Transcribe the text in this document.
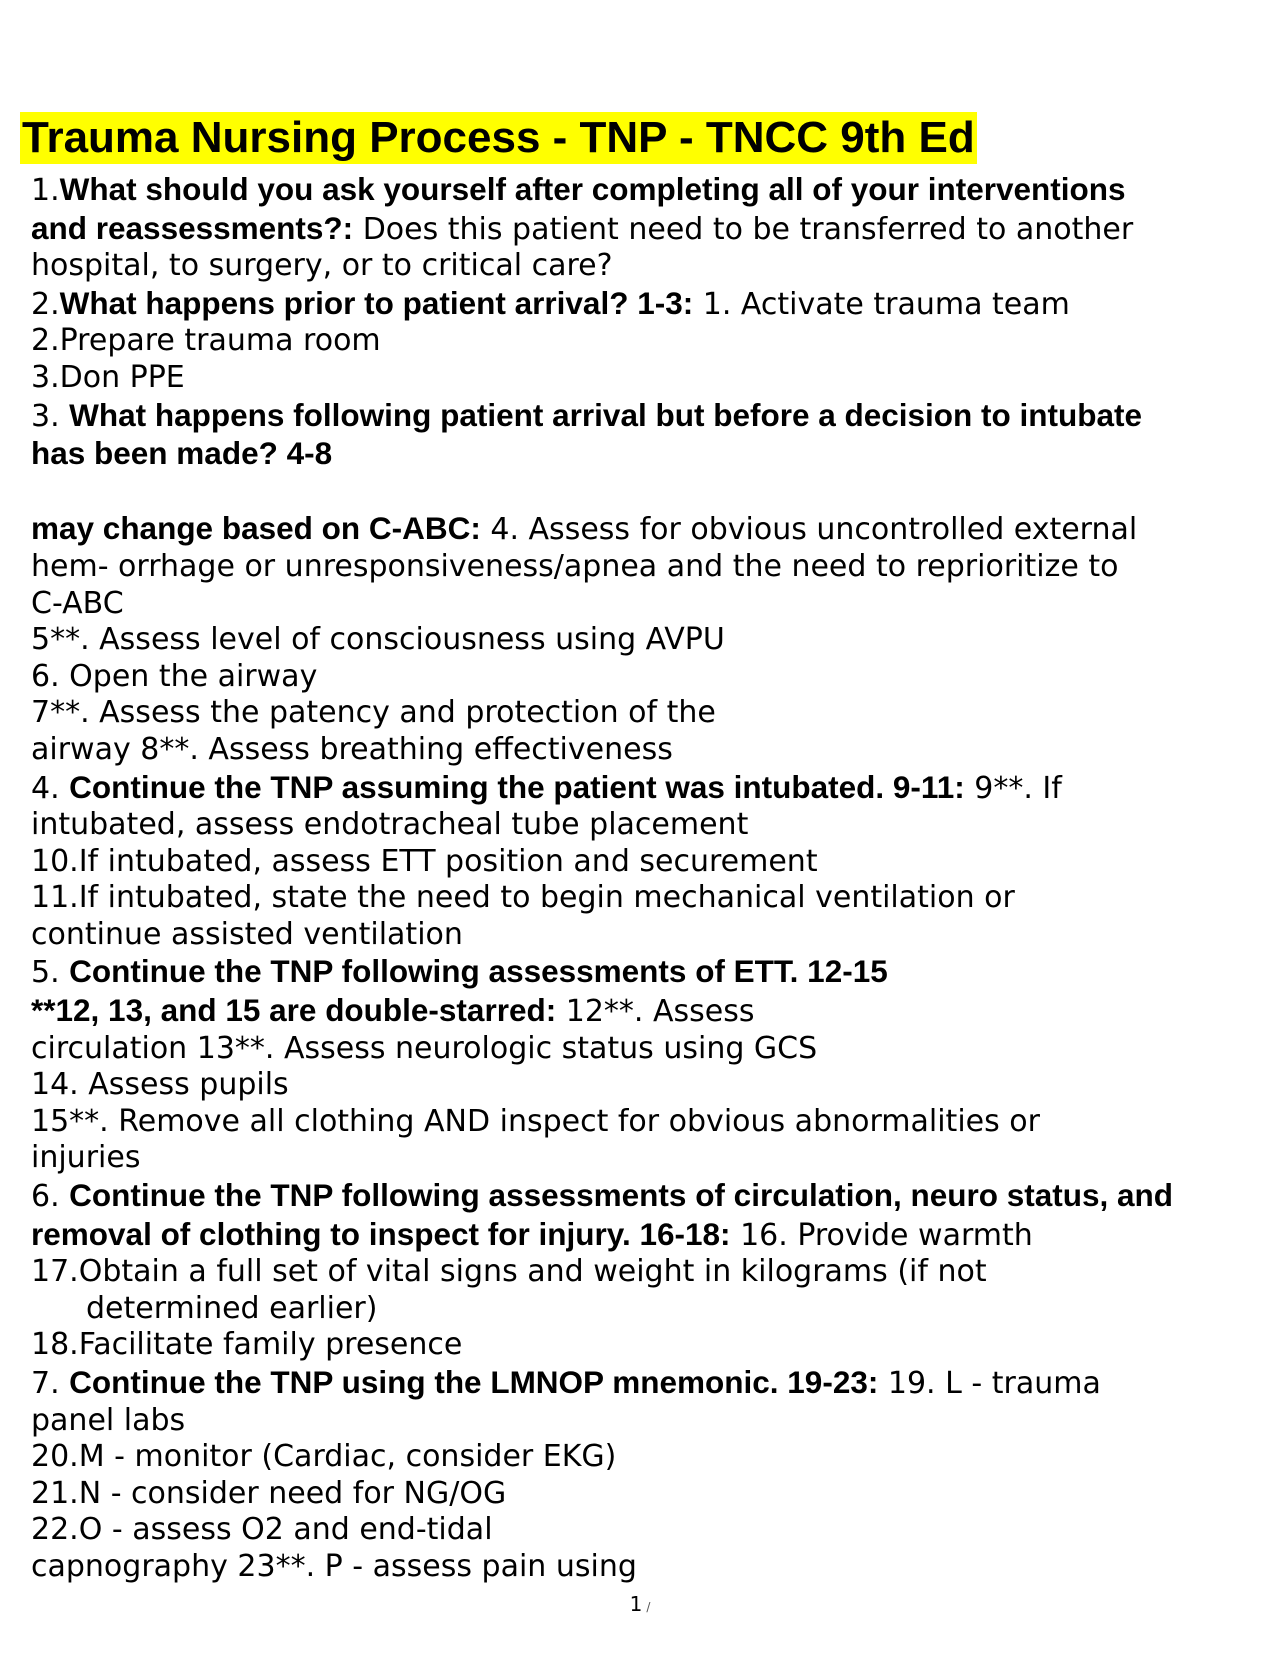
Trauma Nursing Process - TNP - TNCC 9th Ed

1.What should you ask yourself after completing all of your interventions

and reassessments?: Does this patient need to be transferred to another

hospital, to surgery, or to critical care?

2.What happens prior to patient arrival? 1-3: 1. Activate trauma team

2.Prepare trauma room

3.Don PPE

3. What happens following patient arrival but before a decision to intubate

has been made? 4-8

may change based on C-ABC: 4. Assess for obvious uncontrolled external

hem- orrhage or unresponsiveness/apnea and the need to reprioritize to

C-ABC

5**. Assess level of consciousness using AVPU

6. Open the airway

7**. Assess the patency and protection of the

airway 8**. Assess breathing effectiveness

4. Continue the TNP assuming the patient was intubated. 9-11: 9**. If

intubated, assess endotracheal tube placement

10.If intubated, assess ETT position and securement

11.If intubated, state the need to begin mechanical ventilation or

continue assisted ventilation

5. Continue the TNP following assessments of ETT. 12-15

**12, 13, and 15 are double-starred: 12**. Assess

circulation 13**. Assess neurologic status using GCS

14. Assess pupils

15**. Remove all clothing AND inspect for obvious abnormalities or

injuries

6. Continue the TNP following assessments of circulation, neuro status, and

removal of clothing to inspect for injury. 16-18: 16. Provide warmth

17.Obtain a full set of vital signs and weight in kilograms (if not

determined earlier)

18.Facilitate family presence

7. Continue the TNP using the LMNOP mnemonic. 19-23: 19. L - trauma

panel labs

20.M - monitor (Cardiac, consider EKG)

21.N - consider need for NG/OG

22.O - assess O2 and end-tidal

capnography 23**. P - assess pain using

1 /
